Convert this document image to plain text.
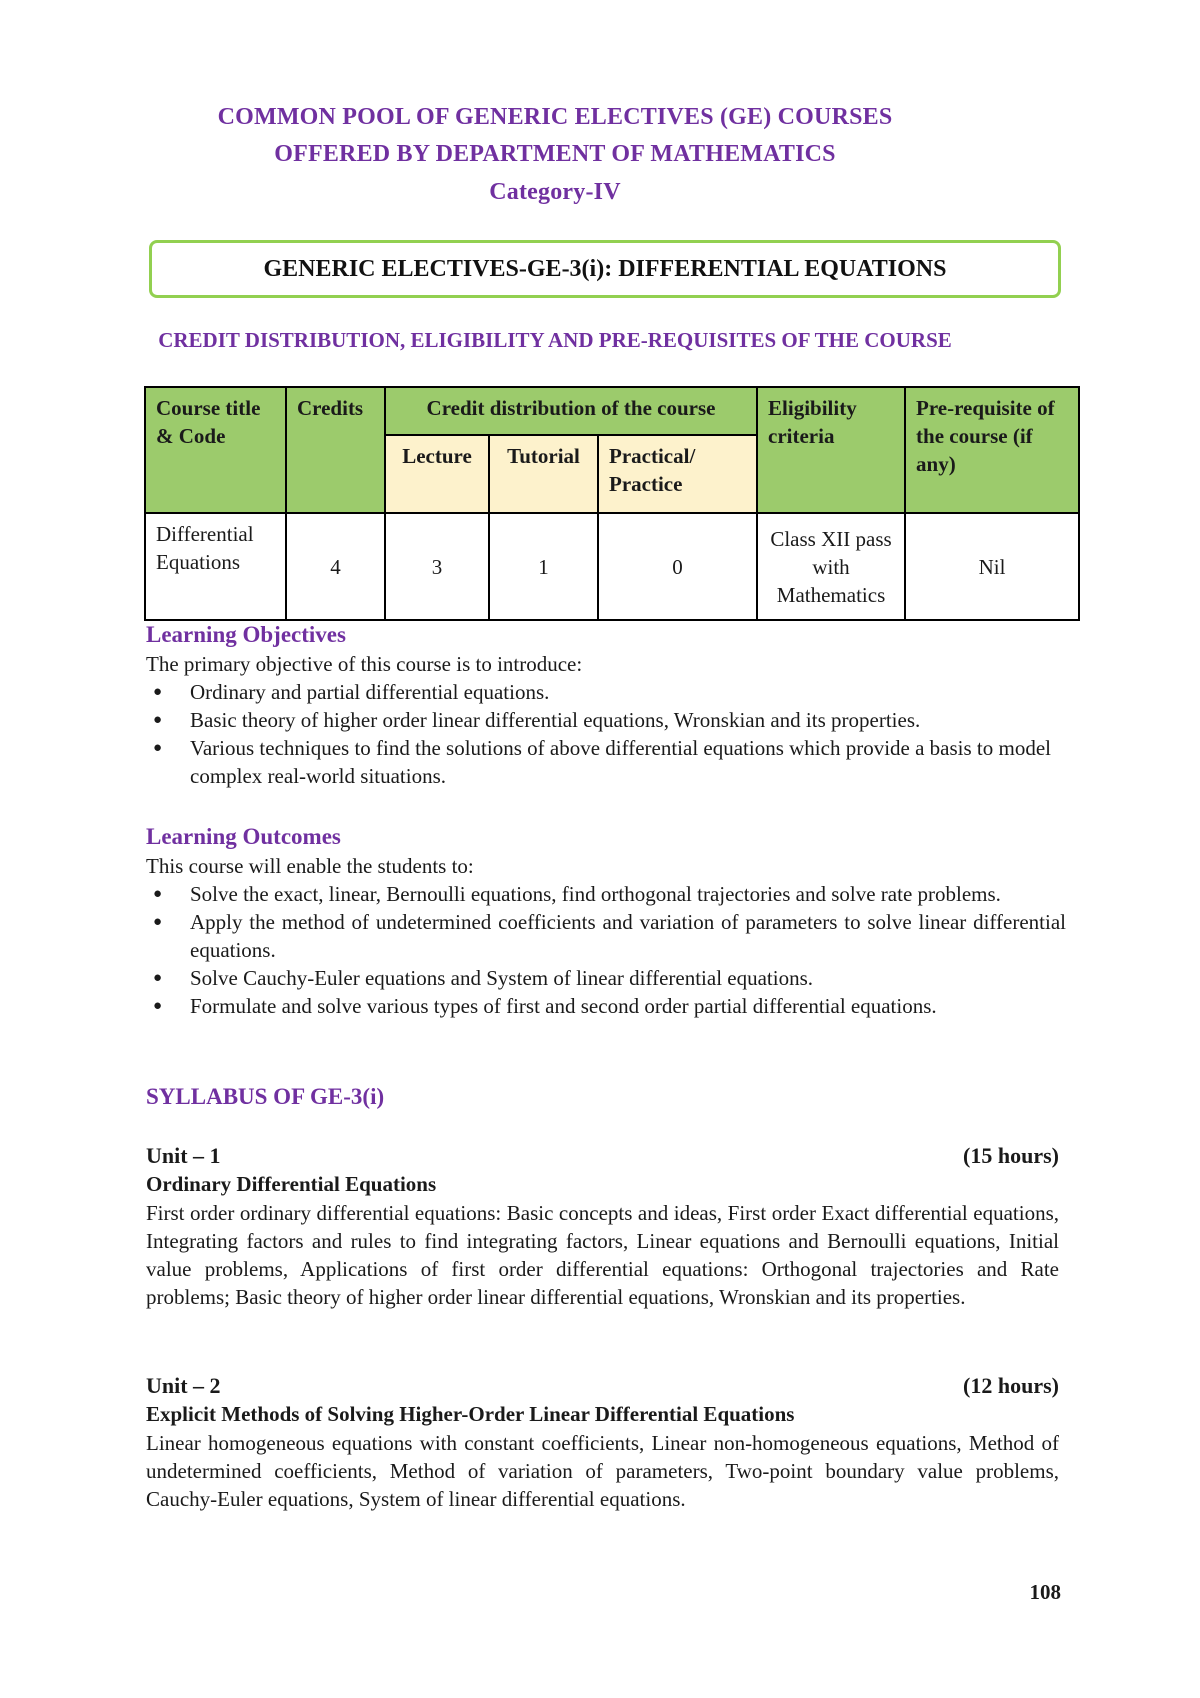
COMMON POOL OF GENERIC ELECTIVES (GE) COURSES
OFFERED BY DEPARTMENT OF MATHEMATICS
Category-IV
GENERIC ELECTIVES-GE-3(i): DIFFERENTIAL EQUATIONS
CREDIT DISTRIBUTION, ELIGIBILITY AND PRE-REQUISITES OF THE COURSE
Course title & Code	Credits	Credit distribution of the course			Eligibility criteria	Pre-requisite of the course (if any)
		Lecture	Tutorial	Practical/ Practice		
Differential Equations	4	3	1	0	Class XII pass with Mathematics	Nil
Learning Objectives
The primary objective of this course is to introduce:
● Ordinary and partial differential equations.
● Basic theory of higher order linear differential equations, Wronskian and its properties.
● Various techniques to find the solutions of above differential equations which provide a basis to model complex real-world situations.
Learning Outcomes
This course will enable the students to:
● Solve the exact, linear, Bernoulli equations, find orthogonal trajectories and solve rate problems.
● Apply the method of undetermined coefficients and variation of parameters to solve linear differential equations.
● Solve Cauchy-Euler equations and System of linear differential equations.
● Formulate and solve various types of first and second order partial differential equations.
SYLLABUS OF GE-3(i)
Unit – 1	(15 hours)
Ordinary Differential Equations
First order ordinary differential equations: Basic concepts and ideas, First order Exact differential equations, Integrating factors and rules to find integrating factors, Linear equations and Bernoulli equations, Initial value problems, Applications of first order differential equations: Orthogonal trajectories and Rate problems; Basic theory of higher order linear differential equations, Wronskian and its properties.
Unit – 2	(12 hours)
Explicit Methods of Solving Higher-Order Linear Differential Equations
Linear homogeneous equations with constant coefficients, Linear non-homogeneous equations, Method of undetermined coefficients, Method of variation of parameters, Two-point boundary value problems, Cauchy-Euler equations, System of linear differential equations.
108
